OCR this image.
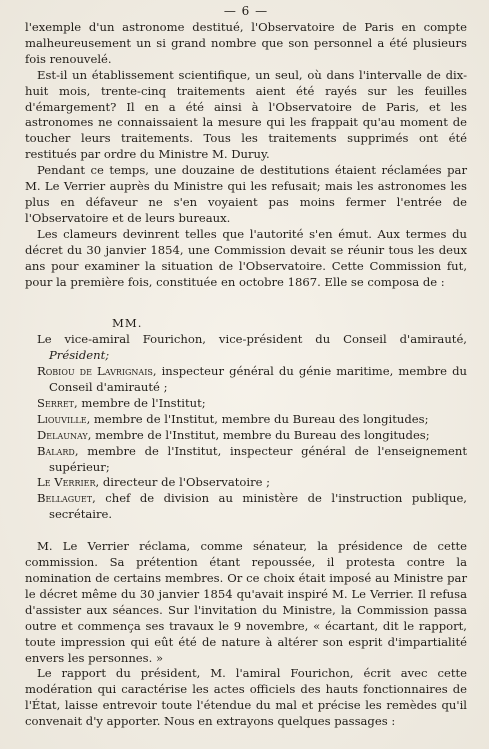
— 6 —

l'exemple d'un astronome destitué, l'Observatoire de Paris en compte malheureusement un si grand nombre que son personnel a été plusieurs fois renouvelé.

Est-il un établissement scientifique, un seul, où dans l'intervalle de dix-huit mois, trente-cinq traitements aient été rayés sur les feuilles d'émargement? Il en a été ainsi à l'Observatoire de Paris, et les astronomes ne connaissaient la mesure qui les frappait qu'au moment de toucher leurs traitements. Tous les traitements supprimés ont été restitués par ordre du Ministre M. Duruy.

Pendant ce temps, une douzaine de destitutions étaient réclamées par M. Le Verrier auprès du Ministre qui les refusait; mais les astronomes les plus en défaveur ne s'en voyaient pas moins fermer l'entrée de l'Observatoire et de leurs bureaux.

Les clameurs devinrent telles que l'autorité s'en émut. Aux termes du décret du 30 janvier 1854, une Commission devait se réunir tous les deux ans pour examiner la situation de l'Observatoire. Cette Commission fut, pour la première fois, constituée en octobre 1867. Elle se composa de :

MM.

Le vice-amiral Fourichon, vice-président du Conseil d'amirauté, Président;

Robiou de Lavrignais, inspecteur général du génie maritime, membre du Conseil d'amirauté ;

Serret, membre de l'Institut;

Liouville, membre de l'Institut, membre du Bureau des longitudes;

Delaunay, membre de l'Institut, membre du Bureau des longitudes;

Balard, membre de l'Institut, inspecteur général de l'enseignement supérieur;

Le Verrier, directeur de l'Observatoire ;

Bellaguet, chef de division au ministère de l'instruction publique, secrétaire.

M. Le Verrier réclama, comme sénateur, la présidence de cette commission. Sa prétention étant repoussée, il protesta contre la nomination de certains membres. Or ce choix était imposé au Ministre par le décret même du 30 janvier 1854 qu'avait inspiré M. Le Verrier. Il refusa d'assister aux séances. Sur l'invitation du Ministre, la Commission passa outre et commença ses travaux le 9 novembre, « écartant, dit le rapport, toute impression qui eût été de nature à altérer son esprit d'impartialité envers les personnes. »

Le rapport du président, M. l'amiral Fourichon, écrit avec cette modération qui caractérise les actes officiels des hauts fonctionnaires de l'État, laisse entrevoir toute l'étendue du mal et précise les remèdes qu'il convenait d'y apporter. Nous en extrayons quelques passages :
